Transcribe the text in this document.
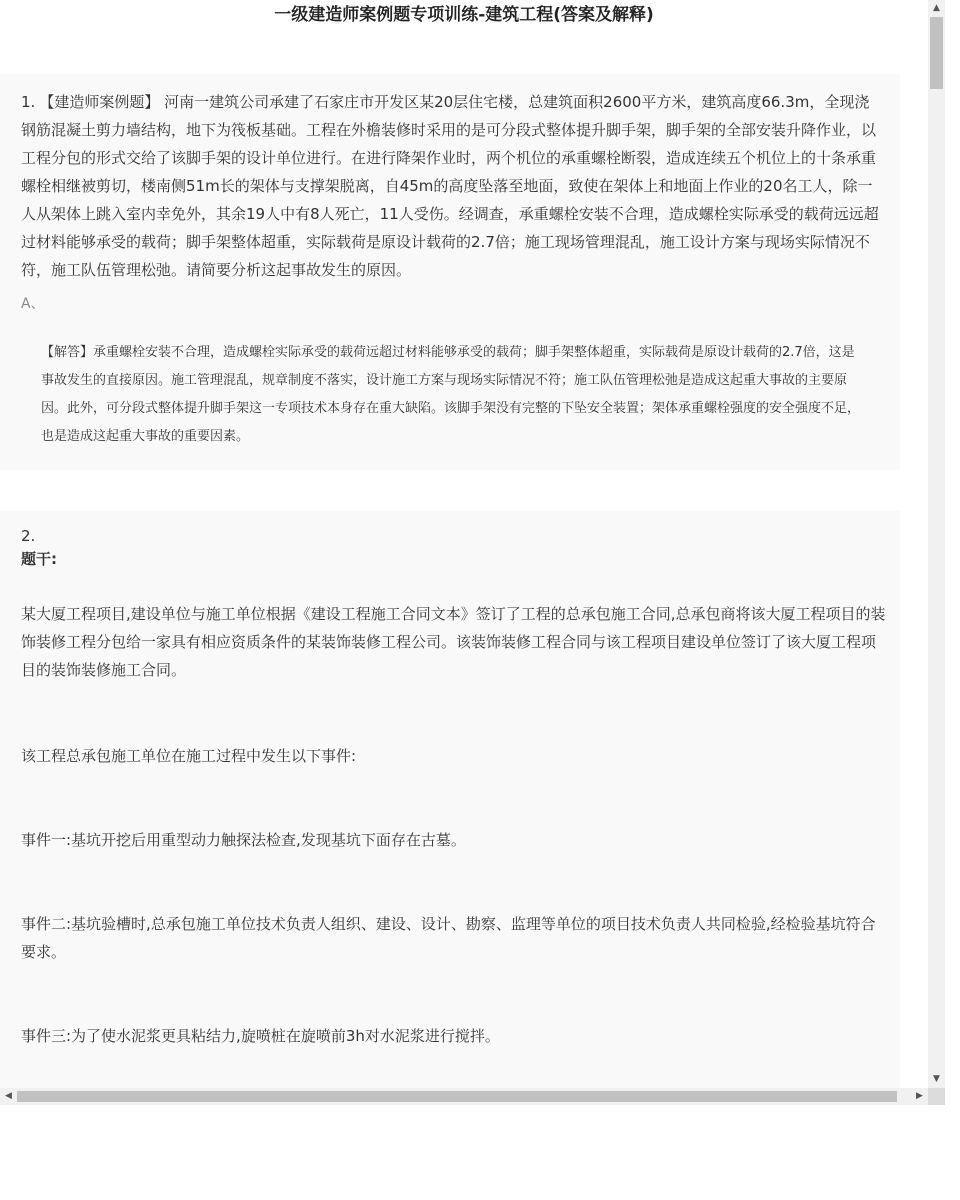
一级建造师案例题专项训练-建筑工程(答案及解释)

1. 【建造师案例题】 河南一建筑公司承建了石家庄市开发区某20层住宅楼，总建筑面积2600平方米，建筑高度66.3m，全现浇钢筋混凝土剪力墙结构，地下为筏板基础。工程在外檐装修时采用的是可分段式整体提升脚手架，脚手架的全部安装升降作业，以工程分包的形式交给了该脚手架的设计单位进行。在进行降架作业时，两个机位的承重螺栓断裂，造成连续五个机位上的十条承重螺栓相继被剪切，楼南侧51m长的架体与支撑架脱离，自45m的高度坠落至地面，致使在架体上和地面上作业的20名工人，除一人从架体上跳入室内幸免外，其余19人中有8人死亡，11人受伤。经调查，承重螺栓安装不合理，造成螺栓实际承受的载荷远远超过材料能够承受的载荷；脚手架整体超重，实际载荷是原设计载荷的2.7倍；施工现场管理混乱，施工设计方案与现场实际情况不符，施工队伍管理松弛。请简要分析这起事故发生的原因。

A、

【解答】承重螺栓安装不合理，造成螺栓实际承受的载荷远超过材料能够承受的载荷；脚手架整体超重，实际载荷是原设计载荷的2.7倍，这是事故发生的直接原因。施工管理混乱，规章制度不落实，设计施工方案与现场实际情况不符；施工队伍管理松弛是造成这起重大事故的主要原因。此外，可分段式整体提升脚手架这一专项技术本身存在重大缺陷。该脚手架没有完整的下坠安全装置；架体承重螺栓强度的安全强度不足，也是造成这起重大事故的重要因素。

2.
题干:

某大厦工程项目,建设单位与施工单位根据《建设工程施工合同文本》签订了工程的总承包施工合同,总承包商将该大厦工程项目的装饰装修工程分包给一家具有相应资质条件的某装饰装修工程公司。该装饰装修工程合同与该工程项目建设单位签订了该大厦工程项目的装饰装修施工合同。

该工程总承包施工单位在施工过程中发生以下事件:

事件一:基坑开挖后用重型动力触探法检查,发现基坑下面存在古墓。

事件二:基坑验槽时,总承包施工单位技术负责人组织、建设、设计、勘察、监理等单位的项目技术负责人共同检验,经检验基坑符合要求。

事件三:为了使水泥浆更具粘结力,旋喷桩在旋喷前3h对水泥浆进行搅拌。

▲
▼
◀	▶
